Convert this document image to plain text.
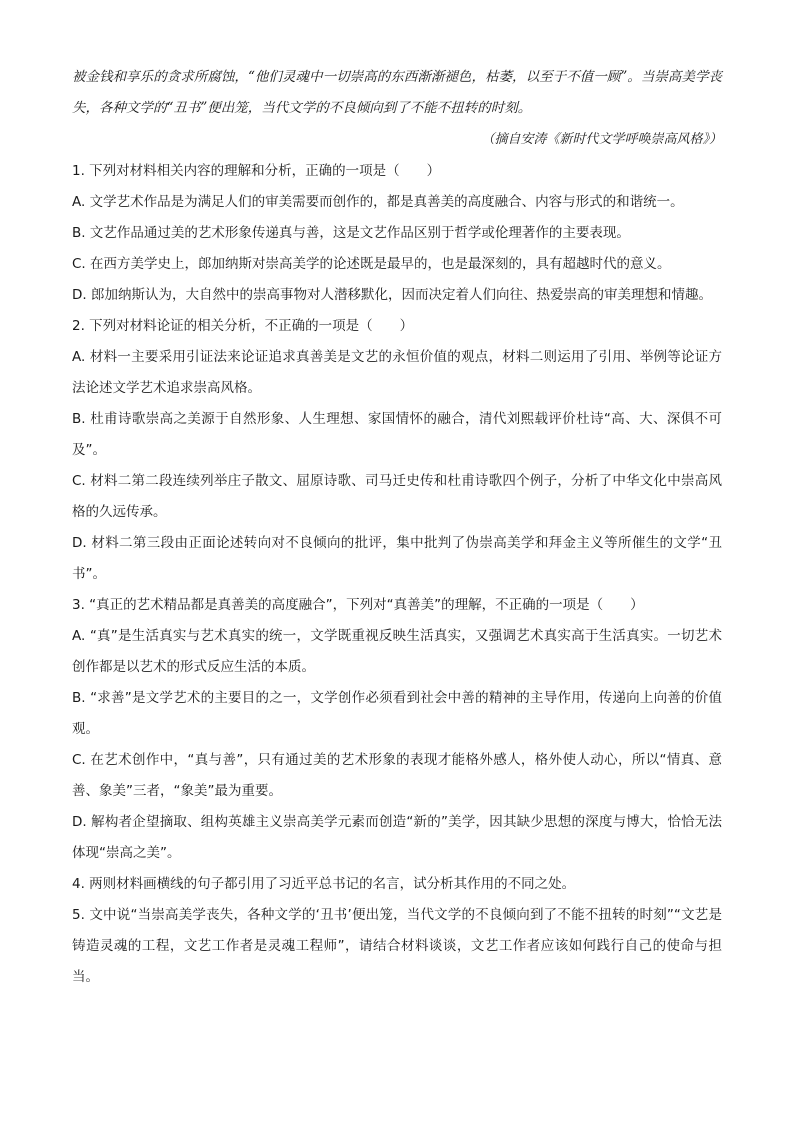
被金钱和享乐的贪求所腐蚀，“他们灵魂中一切崇高的东西渐渐褪色，枯萎，以至于不值一顾”。当崇高美学丧失，各种文学的“丑书”便出笼，当代文学的不良倾向到了不能不扭转的时刻。

（摘自安涛《新时代文学呼唤崇高风格》）

1. 下列对材料相关内容的理解和分析，正确的一项是（　　）

A. 文学艺术作品是为满足人们的审美需要而创作的，都是真善美的高度融合、内容与形式的和谐统一。

B. 文艺作品通过美的艺术形象传递真与善，这是文艺作品区别于哲学或伦理著作的主要表现。

C. 在西方美学史上，郎加纳斯对崇高美学的论述既是最早的，也是最深刻的，具有超越时代的意义。

D. 郎加纳斯认为，大自然中的崇高事物对人潜移默化，因而决定着人们向往、热爱崇高的审美理想和情趣。

2. 下列对材料论证的相关分析，不正确的一项是（　　）

A. 材料一主要采用引证法来论证追求真善美是文艺的永恒价值的观点，材料二则运用了引用、举例等论证方法论述文学艺术追求崇高风格。

B. 杜甫诗歌崇高之美源于自然形象、人生理想、家国情怀的融合，清代刘熙载评价杜诗“高、大、深俱不可及”。

C. 材料二第二段连续列举庄子散文、屈原诗歌、司马迁史传和杜甫诗歌四个例子，分析了中华文化中崇高风格的久远传承。

D. 材料二第三段由正面论述转向对不良倾向的批评，集中批判了伪崇高美学和拜金主义等所催生的文学“丑书”。

3. “真正的艺术精品都是真善美的高度融合”，下列对“真善美”的理解，不正确的一项是（　　）

A. “真”是生活真实与艺术真实的统一，文学既重视反映生活真实，又强调艺术真实高于生活真实。一切艺术创作都是以艺术的形式反应生活的本质。

B. “求善”是文学艺术的主要目的之一，文学创作必须看到社会中善的精神的主导作用，传递向上向善的价值观。

C. 在艺术创作中，“真与善”，只有通过美的艺术形象的表现才能格外感人，格外使人动心，所以“情真、意善、象美”三者，“象美”最为重要。

D. 解构者企望摘取、组构英雄主义崇高美学元素而创造“新的”美学，因其缺少思想的深度与博大，恰恰无法体现“崇高之美”。

4. 两则材料画横线的句子都引用了习近平总书记的名言，试分析其作用的不同之处。

5. 文中说“当崇高美学丧失，各种文学的‘丑书’便出笼，当代文学的不良倾向到了不能不扭转的时刻”“文艺是铸造灵魂的工程，文艺工作者是灵魂工程师”，请结合材料谈谈，文艺工作者应该如何践行自己的使命与担当。
